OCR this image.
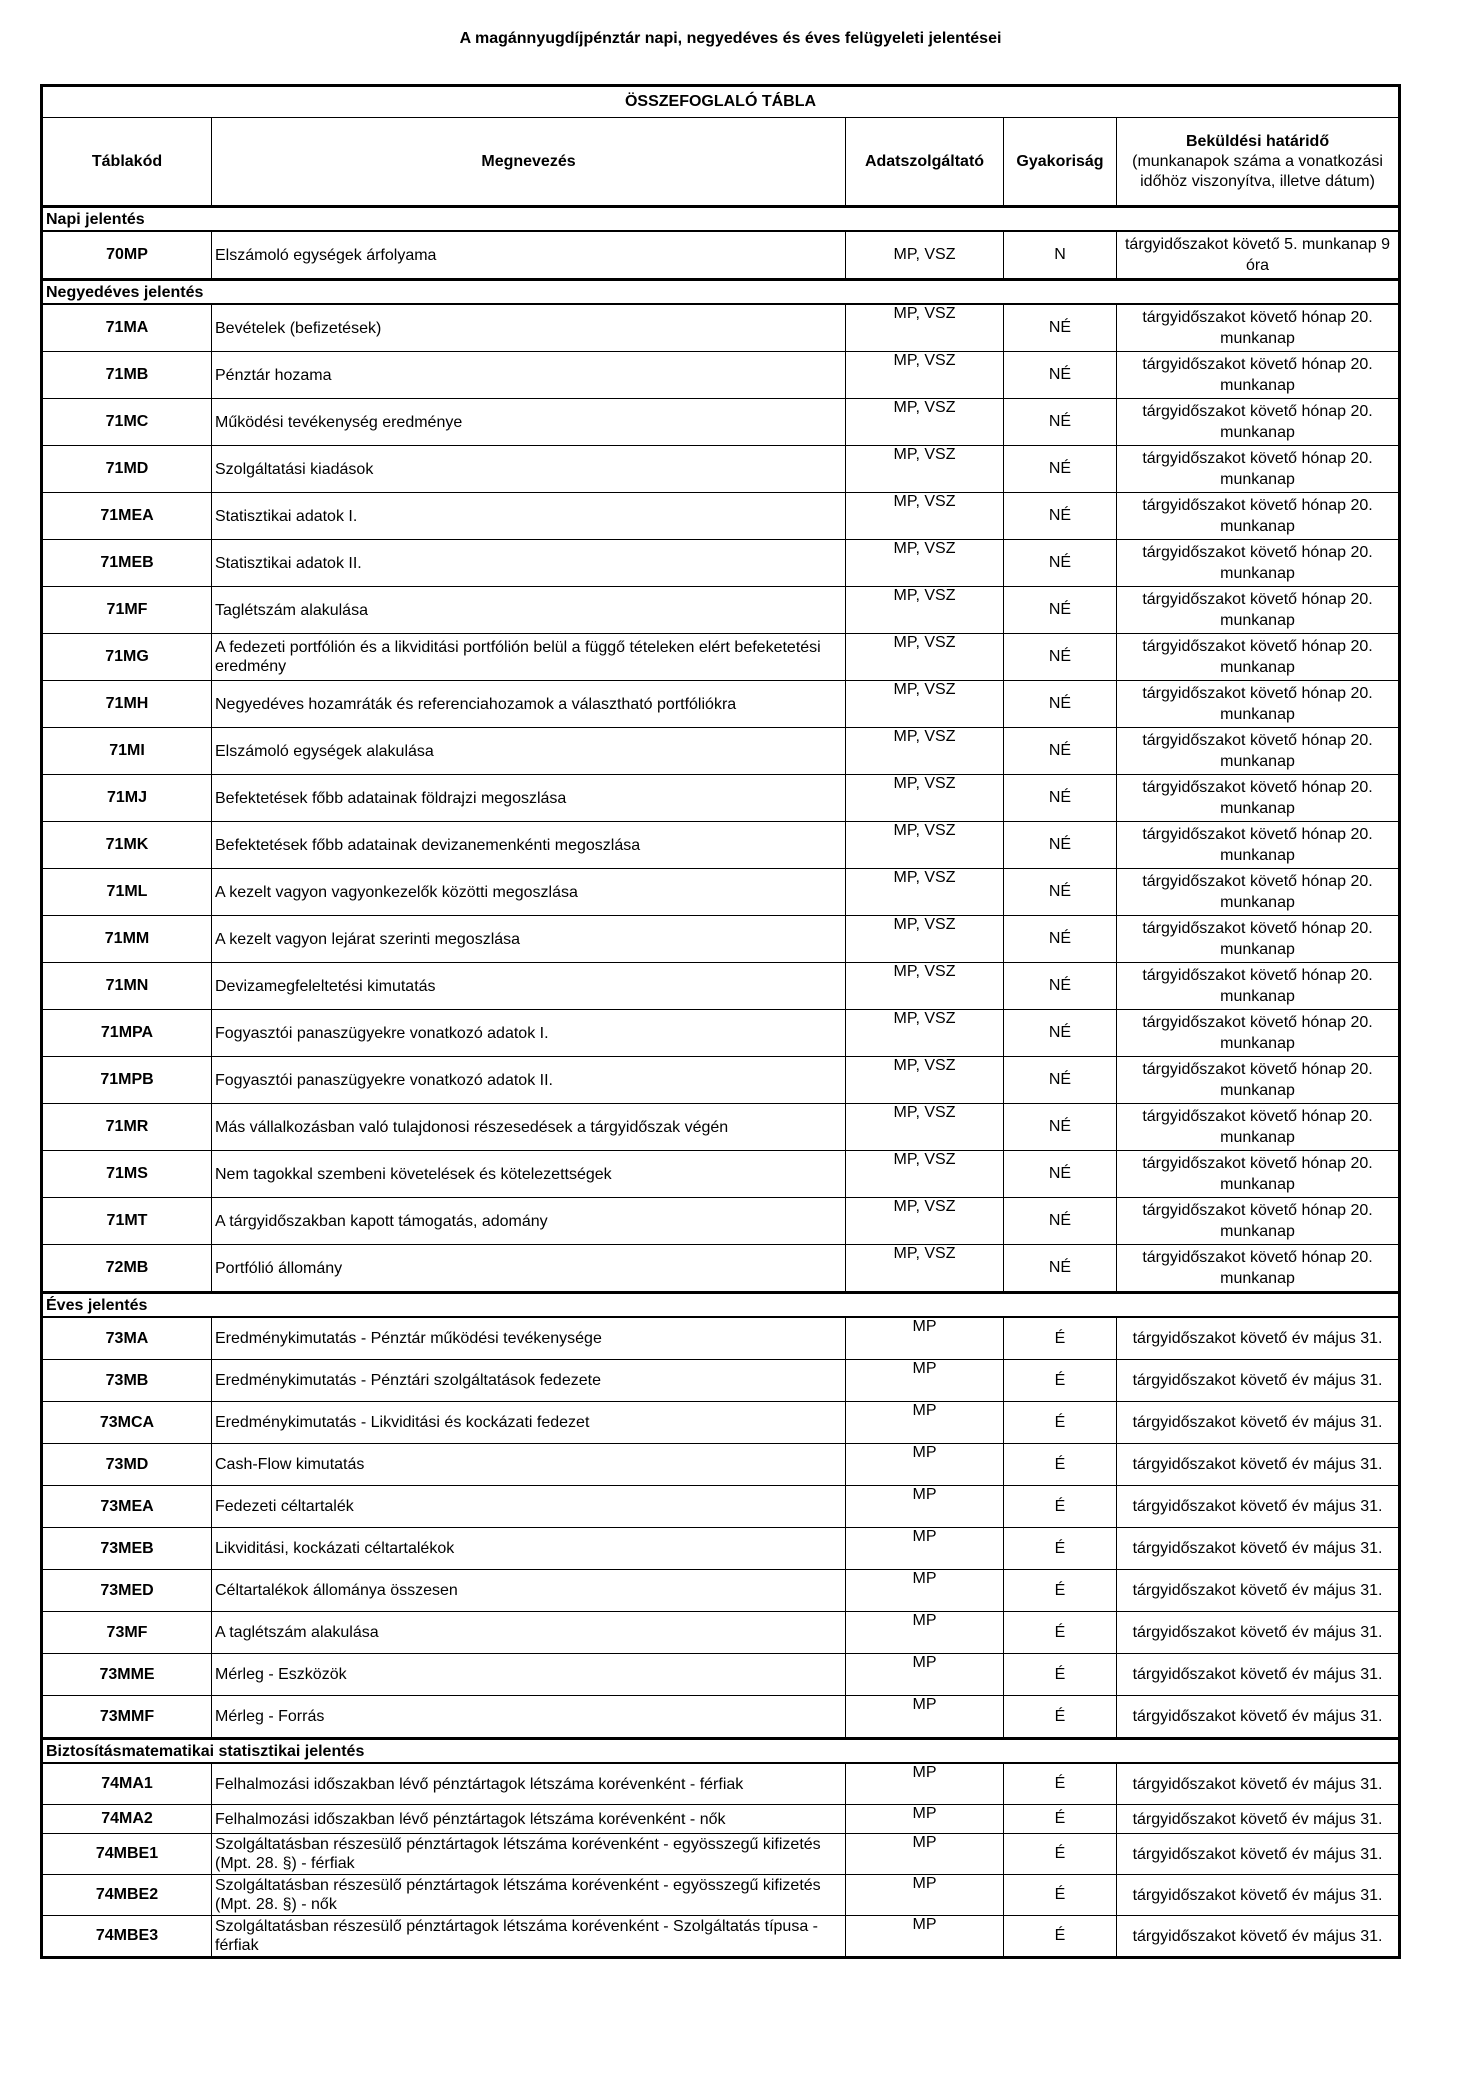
A magánnyugdíjpénztár napi, negyedéves és éves felügyeleti jelentései
ÖSSZEFOGLALÓ TÁBLA				
Táblakód	Megnevezés	Adatszolgáltató	Gyakoriság	Beküldési határidő
(munkanapok száma a vonatkozási időhöz viszonyítva, illetve dátum)
Napi jelentés				
70MP	Elszámoló egységek árfolyama	MP, VSZ	N	tárgyidőszakot követő 5. munkanap 9 óra
Negyedéves jelentés				
71MA	Bevételek (befizetések)	MP, VSZ	NÉ	tárgyidőszakot követő hónap 20. munkanap
71MB	Pénztár hozama	MP, VSZ	NÉ	tárgyidőszakot követő hónap 20. munkanap
71MC	Működési tevékenység eredménye	MP, VSZ	NÉ	tárgyidőszakot követő hónap 20. munkanap
71MD	Szolgáltatási kiadások	MP, VSZ	NÉ	tárgyidőszakot követő hónap 20. munkanap
71MEA	Statisztikai adatok I.	MP, VSZ	NÉ	tárgyidőszakot követő hónap 20. munkanap
71MEB	Statisztikai adatok II.	MP, VSZ	NÉ	tárgyidőszakot követő hónap 20. munkanap
71MF	Taglétszám alakulása	MP, VSZ	NÉ	tárgyidőszakot követő hónap 20. munkanap
71MG	A fedezeti portfólión és a likviditási portfólión belül a függő tételeken elért befeketetési eredmény	MP, VSZ	NÉ	tárgyidőszakot követő hónap 20. munkanap
71MH	Negyedéves hozamráták és referenciahozamok a választható portfóliókra	MP, VSZ	NÉ	tárgyidőszakot követő hónap 20. munkanap
71MI	Elszámoló egységek alakulása	MP, VSZ	NÉ	tárgyidőszakot követő hónap 20. munkanap
71MJ	Befektetések főbb adatainak földrajzi megoszlása	MP, VSZ	NÉ	tárgyidőszakot követő hónap 20. munkanap
71MK	Befektetések főbb adatainak devizanemenkénti megoszlása	MP, VSZ	NÉ	tárgyidőszakot követő hónap 20. munkanap
71ML	A kezelt vagyon vagyonkezelők közötti megoszlása	MP, VSZ	NÉ	tárgyidőszakot követő hónap 20. munkanap
71MM	A kezelt vagyon lejárat szerinti megoszlása	MP, VSZ	NÉ	tárgyidőszakot követő hónap 20. munkanap
71MN	Devizamegfeleltetési kimutatás	MP, VSZ	NÉ	tárgyidőszakot követő hónap 20. munkanap
71MPA	Fogyasztói panaszügyekre vonatkozó adatok I.	MP, VSZ	NÉ	tárgyidőszakot követő hónap 20. munkanap
71MPB	Fogyasztói panaszügyekre vonatkozó adatok II.	MP, VSZ	NÉ	tárgyidőszakot követő hónap 20. munkanap
71MR	Más vállalkozásban való tulajdonosi részesedések a tárgyidőszak végén	MP, VSZ	NÉ	tárgyidőszakot követő hónap 20. munkanap
71MS	Nem tagokkal szembeni követelések és kötelezettségek	MP, VSZ	NÉ	tárgyidőszakot követő hónap 20. munkanap
71MT	A tárgyidőszakban kapott támogatás, adomány	MP, VSZ	NÉ	tárgyidőszakot követő hónap 20. munkanap
72MB	Portfólió állomány	MP, VSZ	NÉ	tárgyidőszakot követő hónap 20. munkanap
Éves jelentés				
73MA	Eredménykimutatás - Pénztár működési tevékenysége	MP	É	tárgyidőszakot követő év május 31.
73MB	Eredménykimutatás - Pénztári szolgáltatások fedezete	MP	É	tárgyidőszakot követő év május 31.
73MCA	Eredménykimutatás - Likviditási és kockázati fedezet	MP	É	tárgyidőszakot követő év május 31.
73MD	Cash-Flow kimutatás	MP	É	tárgyidőszakot követő év május 31.
73MEA	Fedezeti céltartalék	MP	É	tárgyidőszakot követő év május 31.
73MEB	Likviditási, kockázati céltartalékok	MP	É	tárgyidőszakot követő év május 31.
73MED	Céltartalékok állománya összesen	MP	É	tárgyidőszakot követő év május 31.
73MF	A taglétszám alakulása	MP	É	tárgyidőszakot követő év május 31.
73MME	Mérleg - Eszközök	MP	É	tárgyidőszakot követő év május 31.
73MMF	Mérleg - Forrás	MP	É	tárgyidőszakot követő év május 31.
Biztosításmatematikai statisztikai jelentés				
74MA1	Felhalmozási időszakban lévő pénztártagok létszáma korévenként - férfiak	MP	É	tárgyidőszakot követő év május 31.
74MA2	Felhalmozási időszakban lévő pénztártagok létszáma korévenként - nők	MP	É	tárgyidőszakot követő év május 31.
74MBE1	Szolgáltatásban részesülő pénztártagok létszáma korévenként - egyösszegű kifizetés (Mpt. 28. §) - férfiak	MP	É	tárgyidőszakot követő év május 31.
74MBE2	Szolgáltatásban részesülő pénztártagok létszáma korévenként - egyösszegű kifizetés (Mpt. 28. §) - nők	MP	É	tárgyidőszakot követő év május 31.
74MBE3	Szolgáltatásban részesülő pénztártagok létszáma korévenként - Szolgáltatás típusa - férfiak	MP	É	tárgyidőszakot követő év május 31.
